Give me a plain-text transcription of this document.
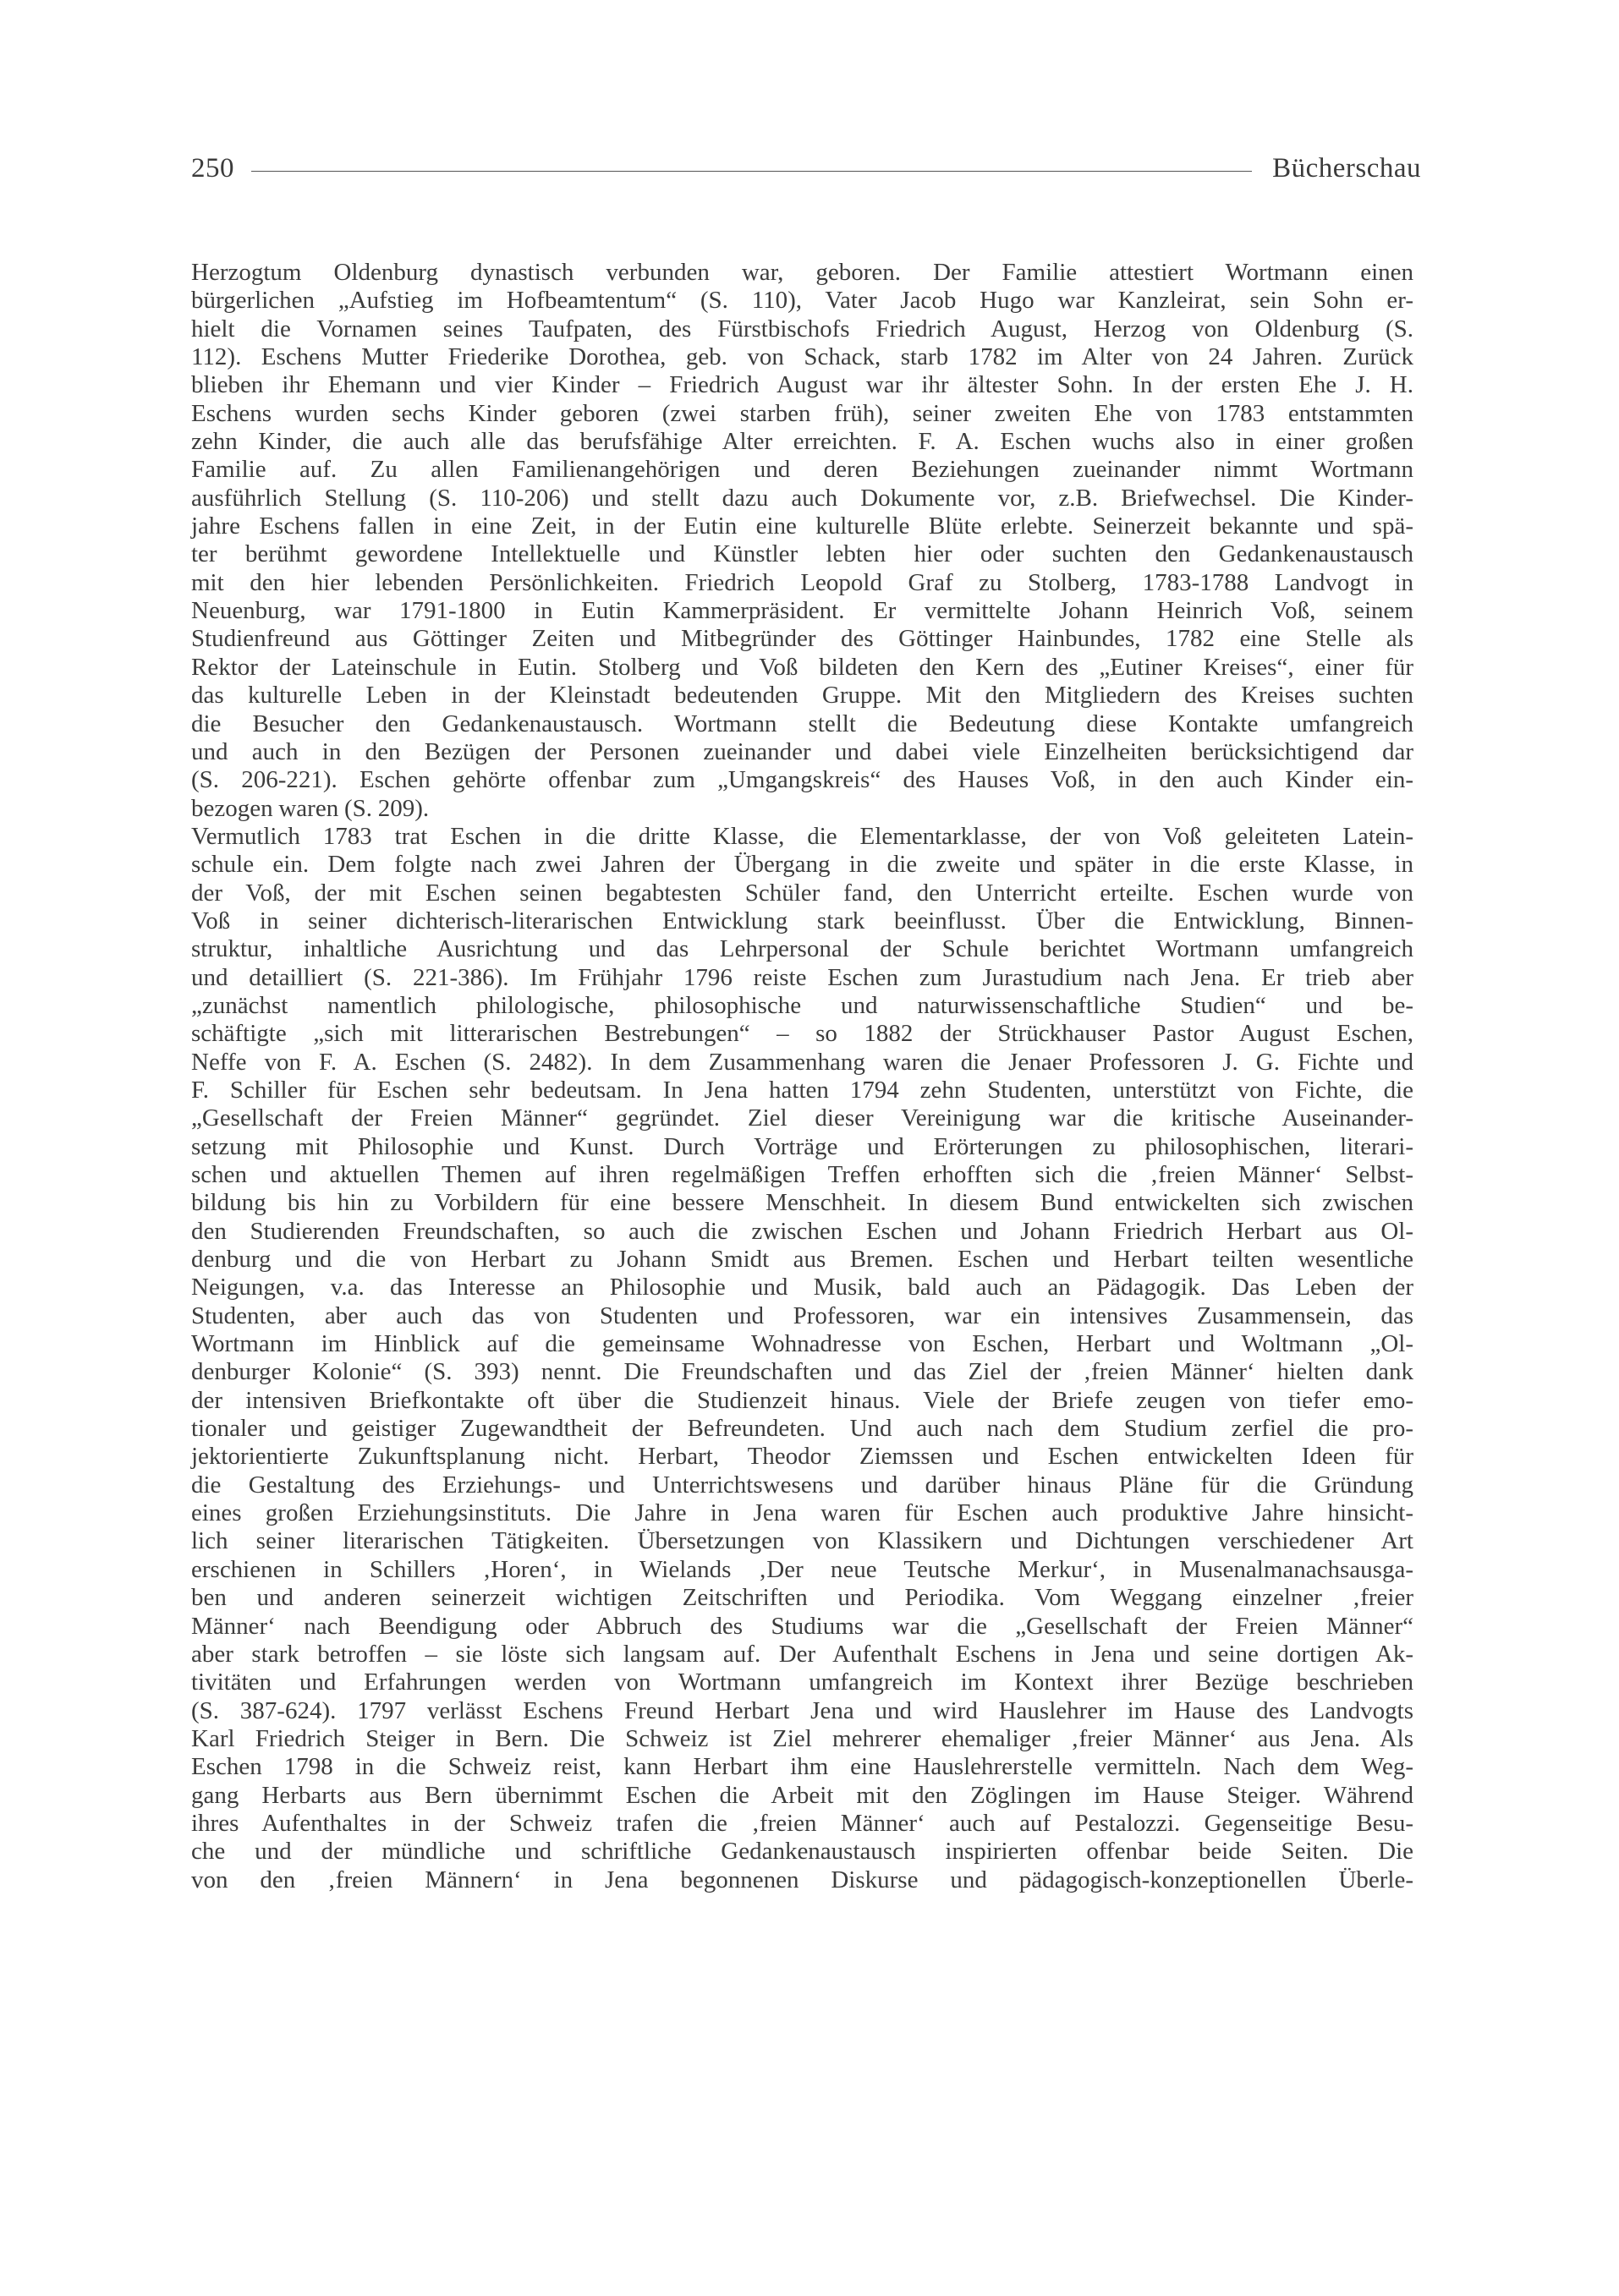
250	Bücherschau
Herzogtum Oldenburg dynastisch verbunden war, geboren. Der Familie attestiert Wortmann einen
bürgerlichen „Aufstieg im Hofbeamtentum“ (S. 110), Vater Jacob Hugo war Kanzleirat, sein Sohn er-
hielt die Vornamen seines Taufpaten, des Fürstbischofs Friedrich August, Herzog von Oldenburg (S.
112). Eschens Mutter Friederike Dorothea, geb. von Schack, starb 1782 im Alter von 24 Jahren. Zurück
blieben ihr Ehemann und vier Kinder – Friedrich August war ihr ältester Sohn. In der ersten Ehe J. H.
Eschens wurden sechs Kinder geboren (zwei starben früh), seiner zweiten Ehe von 1783 entstammten
zehn Kinder, die auch alle das berufsfähige Alter erreichten. F. A. Eschen wuchs also in einer großen
Familie auf. Zu allen Familienangehörigen und deren Beziehungen zueinander nimmt Wortmann
ausführlich Stellung (S. 110-206) und stellt dazu auch Dokumente vor, z.B. Briefwechsel. Die Kinder-
jahre Eschens fallen in eine Zeit, in der Eutin eine kulturelle Blüte erlebte. Seinerzeit bekannte und spä-
ter berühmt gewordene Intellektuelle und Künstler lebten hier oder suchten den Gedankenaustausch
mit den hier lebenden Persönlichkeiten. Friedrich Leopold Graf zu Stolberg, 1783-1788 Landvogt in
Neuenburg, war 1791-1800 in Eutin Kammerpräsident. Er vermittelte Johann Heinrich Voß, seinem
Studienfreund aus Göttinger Zeiten und Mitbegründer des Göttinger Hainbundes, 1782 eine Stelle als
Rektor der Lateinschule in Eutin. Stolberg und Voß bildeten den Kern des „Eutiner Kreises“, einer für
das kulturelle Leben in der Kleinstadt bedeutenden Gruppe. Mit den Mitgliedern des Kreises suchten
die Besucher den Gedankenaustausch. Wortmann stellt die Bedeutung diese Kontakte umfangreich
und auch in den Bezügen der Personen zueinander und dabei viele Einzelheiten berücksichtigend dar
(S. 206-221). Eschen gehörte offenbar zum „Umgangskreis“ des Hauses Voß, in den auch Kinder ein-
bezogen waren (S. 209).
Vermutlich 1783 trat Eschen in die dritte Klasse, die Elementarklasse, der von Voß geleiteten Latein-
schule ein. Dem folgte nach zwei Jahren der Übergang in die zweite und später in die erste Klasse, in
der Voß, der mit Eschen seinen begabtesten Schüler fand, den Unterricht erteilte. Eschen wurde von
Voß in seiner dichterisch-literarischen Entwicklung stark beeinflusst. Über die Entwicklung, Binnen-
struktur, inhaltliche Ausrichtung und das Lehrpersonal der Schule berichtet Wortmann umfangreich
und detailliert (S. 221-386). Im Frühjahr 1796 reiste Eschen zum Jurastudium nach Jena. Er trieb aber
„zunächst namentlich philologische, philosophische und naturwissenschaftliche Studien“ und be-
schäftigte „sich mit litterarischen Bestrebungen“ – so 1882 der Strückhauser Pastor August Eschen,
Neffe von F. A. Eschen (S. 2482). In dem Zusammenhang waren die Jenaer Professoren J. G. Fichte und
F. Schiller für Eschen sehr bedeutsam. In Jena hatten 1794 zehn Studenten, unterstützt von Fichte, die
„Gesellschaft der Freien Männer“ gegründet. Ziel dieser Vereinigung war die kritische Auseinander-
setzung mit Philosophie und Kunst. Durch Vorträge und Erörterungen zu philosophischen, literari-
schen und aktuellen Themen auf ihren regelmäßigen Treffen erhofften sich die ‚freien Männer‘ Selbst-
bildung bis hin zu Vorbildern für eine bessere Menschheit. In diesem Bund entwickelten sich zwischen
den Studierenden Freundschaften, so auch die zwischen Eschen und Johann Friedrich Herbart aus Ol-
denburg und die von Herbart zu Johann Smidt aus Bremen. Eschen und Herbart teilten wesentliche
Neigungen, v.a. das Interesse an Philosophie und Musik, bald auch an Pädagogik. Das Leben der
Studenten, aber auch das von Studenten und Professoren, war ein intensives Zusammensein, das
Wortmann im Hinblick auf die gemeinsame Wohnadresse von Eschen, Herbart und Woltmann „Ol-
denburger Kolonie“ (S. 393) nennt. Die Freundschaften und das Ziel der ‚freien Männer‘ hielten dank
der intensiven Briefkontakte oft über die Studienzeit hinaus. Viele der Briefe zeugen von tiefer emo-
tionaler und geistiger Zugewandtheit der Befreundeten. Und auch nach dem Studium zerfiel die pro-
jektorientierte Zukunftsplanung nicht. Herbart, Theodor Ziemssen und Eschen entwickelten Ideen für
die Gestaltung des Erziehungs- und Unterrichtswesens und darüber hinaus Pläne für die Gründung
eines großen Erziehungsinstituts. Die Jahre in Jena waren für Eschen auch produktive Jahre hinsicht-
lich seiner literarischen Tätigkeiten. Übersetzungen von Klassikern und Dichtungen verschiedener Art
erschienen in Schillers ‚Horen‘, in Wielands ‚Der neue Teutsche Merkur‘, in Musenalmanachsausga-
ben und anderen seinerzeit wichtigen Zeitschriften und Periodika. Vom Weggang einzelner ‚freier
Männer‘ nach Beendigung oder Abbruch des Studiums war die „Gesellschaft der Freien Männer“
aber stark betroffen – sie löste sich langsam auf. Der Aufenthalt Eschens in Jena und seine dortigen Ak-
tivitäten und Erfahrungen werden von Wortmann umfangreich im Kontext ihrer Bezüge beschrieben
(S. 387-624). 1797 verlässt Eschens Freund Herbart Jena und wird Hauslehrer im Hause des Landvogts
Karl Friedrich Steiger in Bern. Die Schweiz ist Ziel mehrerer ehemaliger ‚freier Männer‘ aus Jena. Als
Eschen 1798 in die Schweiz reist, kann Herbart ihm eine Hauslehrerstelle vermitteln. Nach dem Weg-
gang Herbarts aus Bern übernimmt Eschen die Arbeit mit den Zöglingen im Hause Steiger. Während
ihres Aufenthaltes in der Schweiz trafen die ‚freien Männer‘ auch auf Pestalozzi. Gegenseitige Besu-
che und der mündliche und schriftliche Gedankenaustausch inspirierten offenbar beide Seiten. Die
von den ‚freien Männern‘ in Jena begonnenen Diskurse und pädagogisch-konzeptionellen Überle-
